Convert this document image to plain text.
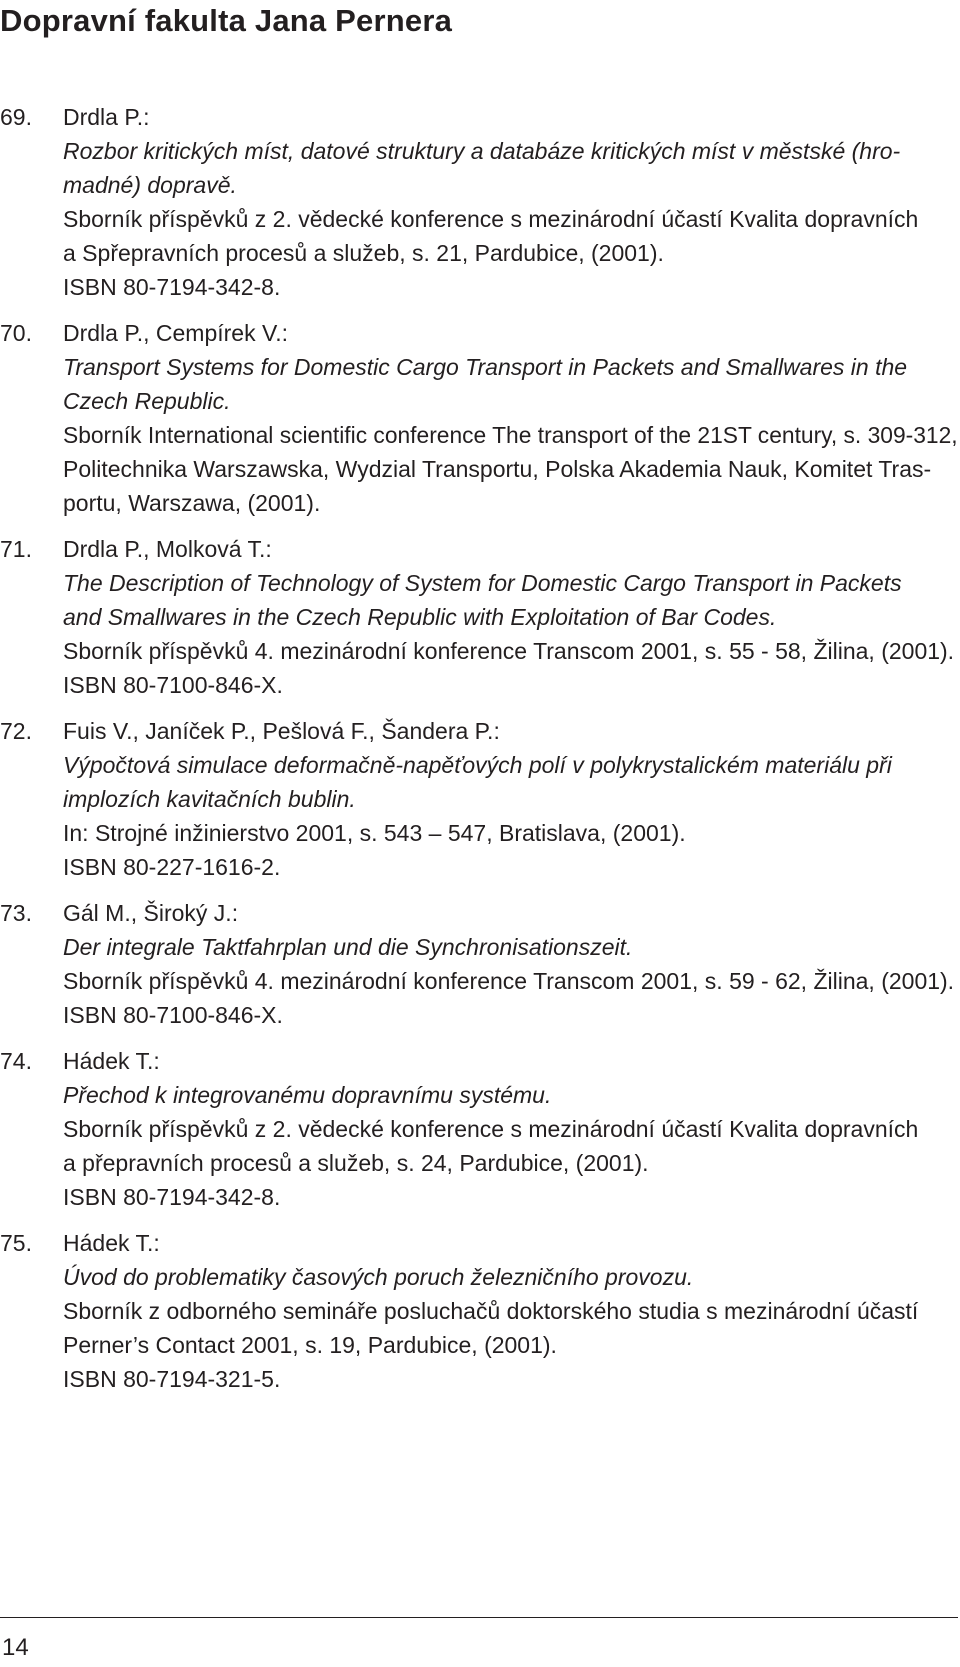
Dopravní fakulta Jana Pernera
69. Drdla P.:
Rozbor kritických míst, datové struktury a databáze kritických míst v městské (hro-
madné) dopravě.
Sborník příspěvků z 2. vědecké konference s mezinárodní účastí Kvalita dopravních
a Spřepravních procesů a služeb, s. 21, Pardubice, (2001).
ISBN 80-7194-342-8.
70. Drdla P., Cempírek V.:
Transport Systems for Domestic Cargo Transport in Packets and Smallwares in the
Czech Republic.
Sborník International scientific conference The transport of the 21ST century, s. 309-312,
Politechnika Warszawska, Wydzial Transportu, Polska Akademia Nauk, Komitet Tras-
portu, Warszawa, (2001).
71. Drdla P., Molková T.:
The Description of Technology of System for Domestic Cargo Transport in Packets
and Smallwares in the Czech Republic with Exploitation of Bar Codes.
Sborník příspěvků 4. mezinárodní konference Transcom 2001, s. 55 - 58, Žilina, (2001).
ISBN 80-7100-846-X.
72. Fuis V., Janíček P., Pešlová F., Šandera P.:
Výpočtová simulace deformačně-napěťových polí v polykrystalickém materiálu při
implozích kavitačních bublin.
In: Strojné inžinierstvo 2001, s. 543 – 547, Bratislava, (2001).
ISBN 80-227-1616-2.
73. Gál M., Široký J.:
Der integrale Taktfahrplan und die Synchronisationszeit.
Sborník příspěvků 4. mezinárodní konference Transcom 2001, s. 59 - 62, Žilina, (2001).
ISBN 80-7100-846-X.
74. Hádek T.:
Přechod k integrovanému dopravnímu systému.
Sborník příspěvků z 2. vědecké konference s mezinárodní účastí Kvalita dopravních
a přepravních procesů a služeb, s. 24, Pardubice, (2001).
ISBN 80-7194-342-8.
75. Hádek T.:
Úvod do problematiky časových poruch železničního provozu.
Sborník z odborného semináře posluchačů doktorského studia s mezinárodní účastí
Perner’s Contact 2001, s. 19, Pardubice, (2001).
ISBN 80-7194-321-5.
14
